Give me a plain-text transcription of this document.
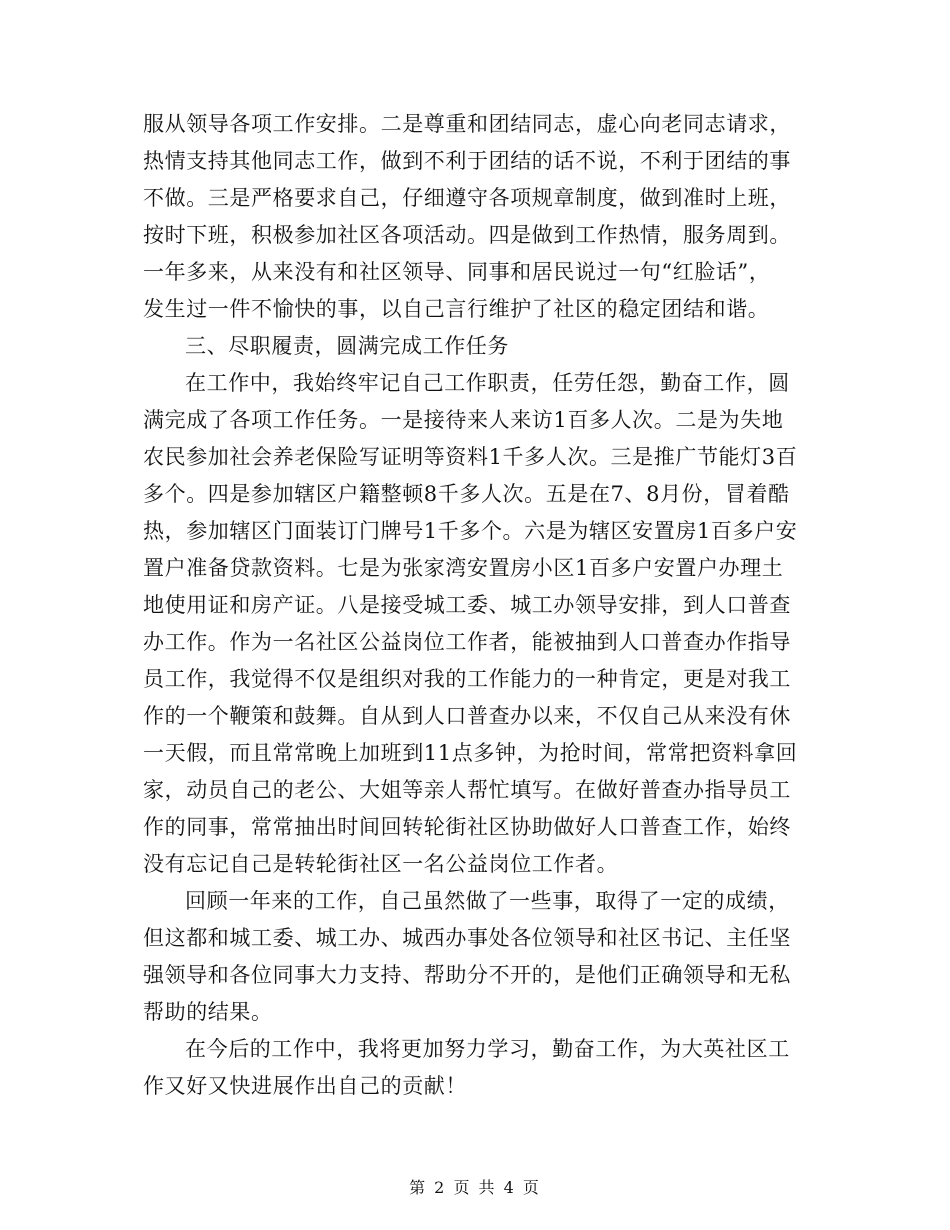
服从领导各项工作安排。二是尊重和团结同志，虚心向老同志请求，
热情支持其他同志工作，做到不利于团结的话不说，不利于团结的事
不做。三是严格要求自己，仔细遵守各项规章制度，做到准时上班，
按时下班，积极参加社区各项活动。四是做到工作热情，服务周到。
一年多来，从来没有和社区领导、同事和居民说过一句“红脸话”，
发生过一件不愉快的事，以自己言行维护了社区的稳定团结和谐。
三、尽职履责，圆满完成工作任务
在工作中，我始终牢记自己工作职责，任劳任怨，勤奋工作，圆
满完成了各项工作任务。一是接待来人来访1百多人次。二是为失地
农民参加社会养老保险写证明等资料1千多人次。三是推广节能灯3百
多个。四是参加辖区户籍整顿8千多人次。五是在7、8月份，冒着酷
热，参加辖区门面装订门牌号1千多个。六是为辖区安置房1百多户安
置户准备贷款资料。七是为张家湾安置房小区1百多户安置户办理土
地使用证和房产证。八是接受城工委、城工办领导安排，到人口普查
办工作。作为一名社区公益岗位工作者，能被抽到人口普查办作指导
员工作，我觉得不仅是组织对我的工作能力的一种肯定，更是对我工
作的一个鞭策和鼓舞。自从到人口普查办以来，不仅自己从来没有休
一天假，而且常常晚上加班到11点多钟，为抢时间，常常把资料拿回
家，动员自己的老公、大姐等亲人帮忙填写。在做好普查办指导员工
作的同事，常常抽出时间回转轮街社区协助做好人口普查工作，始终
没有忘记自己是转轮街社区一名公益岗位工作者。
回顾一年来的工作，自己虽然做了一些事，取得了一定的成绩，
但这都和城工委、城工办、城西办事处各位领导和社区书记、主任坚
强领导和各位同事大力支持、帮助分不开的，是他们正确领导和无私
帮助的结果。
在今后的工作中，我将更加努力学习，勤奋工作，为大英社区工
作又好又快进展作出自己的贡献！
第 2 页 共 4 页
